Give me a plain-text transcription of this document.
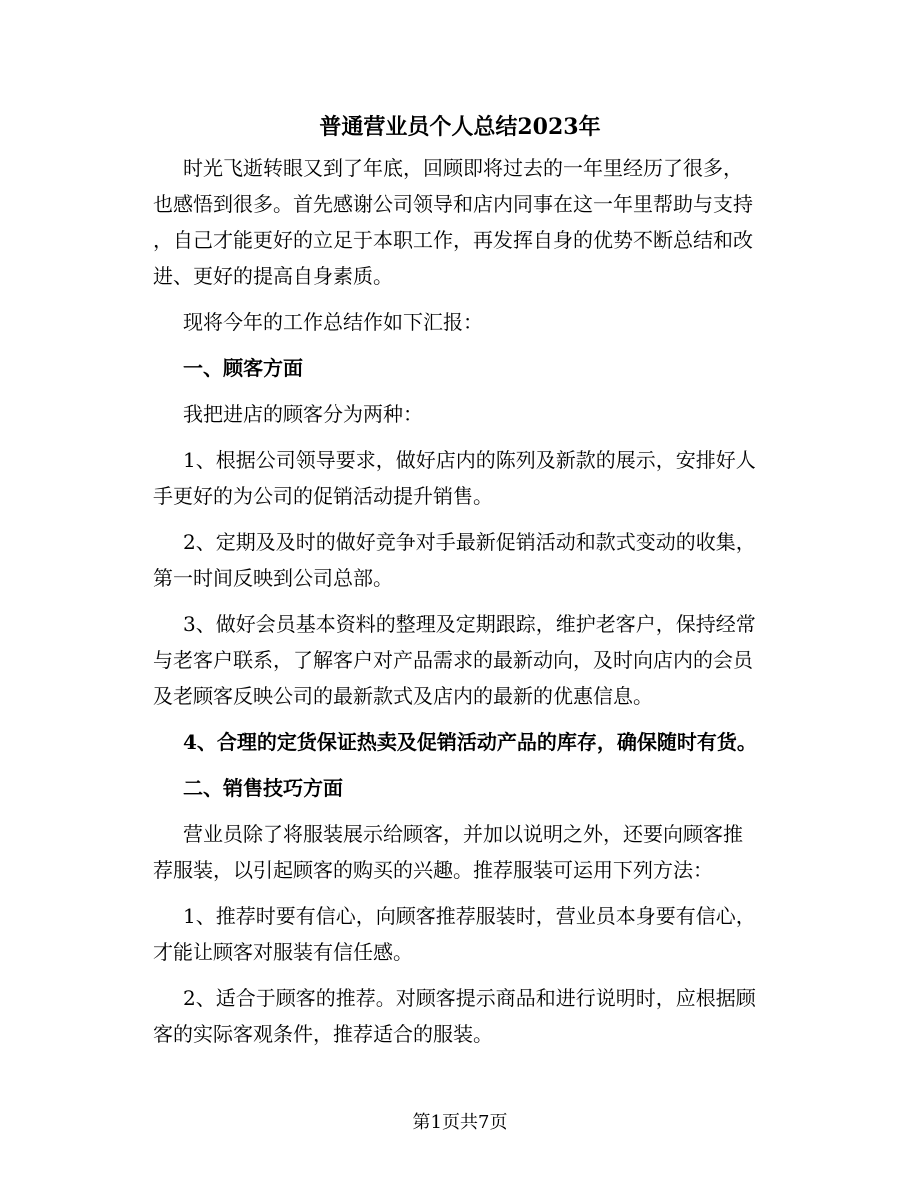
普通营业员个人总结2023年
时光飞逝转眼又到了年底，回顾即将过去的一年里经历了很多，
也感悟到很多。首先感谢公司领导和店内同事在这一年里帮助与支持
，自己才能更好的立足于本职工作，再发挥自身的优势不断总结和改
进、更好的提高自身素质。
现将今年的工作总结作如下汇报：
一、顾客方面
我把进店的顾客分为两种：
1、根据公司领导要求，做好店内的陈列及新款的展示，安排好人
手更好的为公司的促销活动提升销售。
2、定期及及时的做好竞争对手最新促销活动和款式变动的收集，
第一时间反映到公司总部。
3、做好会员基本资料的整理及定期跟踪，维护老客户，保持经常
与老客户联系，了解客户对产品需求的最新动向，及时向店内的会员
及老顾客反映公司的最新款式及店内的最新的优惠信息。
4、合理的定货保证热卖及促销活动产品的库存，确保随时有货。
二、销售技巧方面
营业员除了将服装展示给顾客，并加以说明之外，还要向顾客推
荐服装，以引起顾客的购买的兴趣。推荐服装可运用下列方法：
1、推荐时要有信心，向顾客推荐服装时，营业员本身要有信心，
才能让顾客对服装有信任感。
2、适合于顾客的推荐。对顾客提示商品和进行说明时，应根据顾
客的实际客观条件，推荐适合的服装。
第1页共7页
